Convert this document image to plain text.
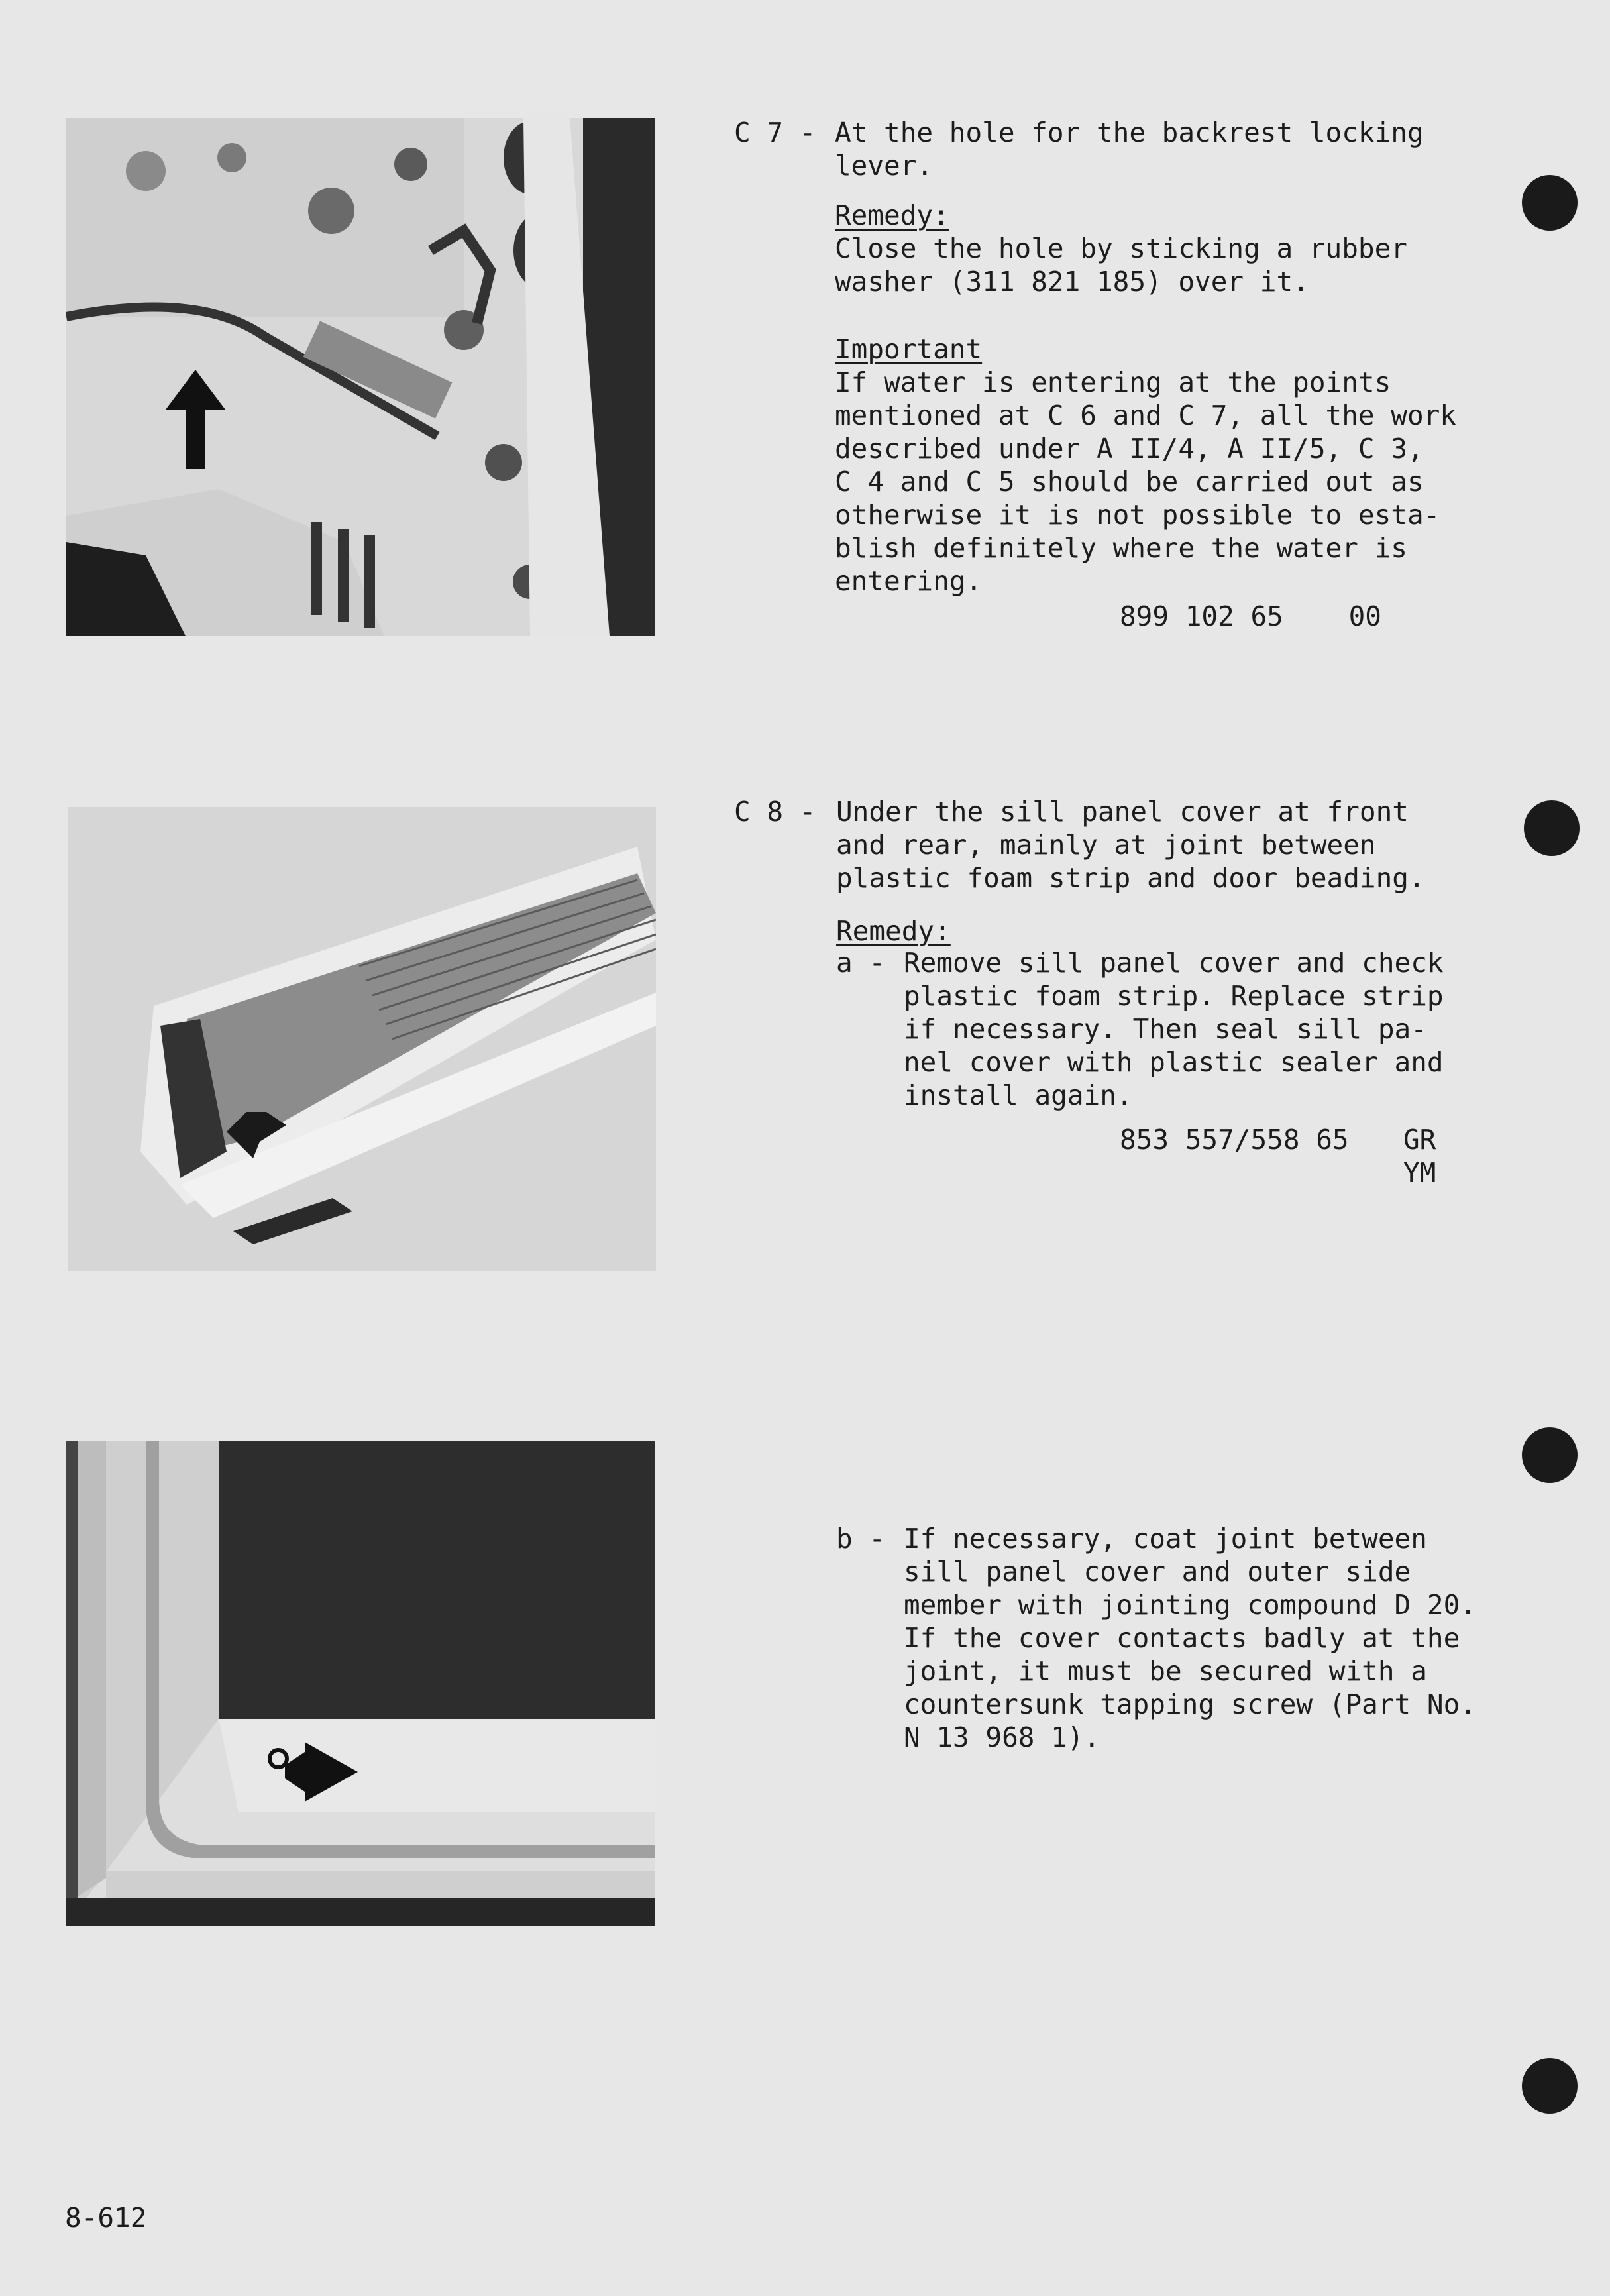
C 7 - At the hole for the backrest locking
lever.
Remedy:
Close the hole by sticking a rubber
washer (311 821 185) over it.
Important
If water is entering at the points
mentioned at C 6 and C 7, all the work
described under A II/4, A II/5, C 3,
C 4 and C 5 should be carried out as
otherwise it is not possible to esta-
blish definitely where the water is
entering.
899 102 65    00
C 8 - Under the sill panel cover at front
and rear, mainly at joint between
plastic foam strip and door beading.
Remedy:
a - Remove sill panel cover and check
plastic foam strip. Replace strip
if necessary. Then seal sill pa-
nel cover with plastic sealer and
install again.
853 557/558 65 GR
YM
b - If necessary, coat joint between
sill panel cover and outer side
member with jointing compound D 20.
If the cover contacts badly at the
joint, it must be secured with a
countersunk tapping screw (Part No.
N 13 968 1).
8-612
